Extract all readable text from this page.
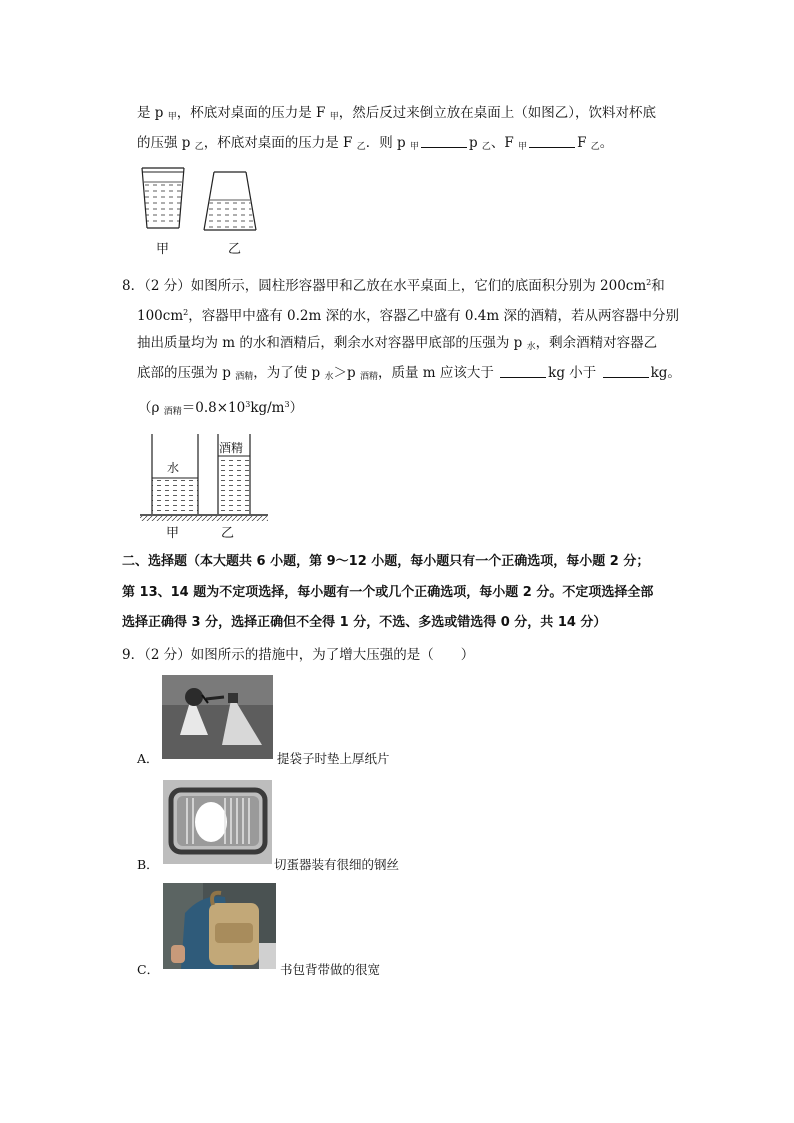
是 p $_甲$，杯底对桌面的压力是 F $_甲$，然后反过来倒立放在桌面上（如图乙），饮料对杯底
的压强 p $_乙$，杯底对桌面的压力是 F $_乙$．则 p $_甲$	p $_乙$、F $_甲$	F $_乙$。
甲	乙
8．（2 分）如图所示，圆柱形容器甲和乙放在水平桌面上，它们的底面积分别为 $200cm^2$和
$100cm^2$，容器甲中盛有 0.2m 深的水，容器乙中盛有 0.4m 深的酒精，若从两容器中分别
抽出质量均为 m 的水和酒精后，剩余水对容器甲底部的压强为 p $_水$，剩余酒精对容器乙
底部的压强为 p $_{酒精}$，为了使 p $_水$＞p $_{酒精}$，质量 m 应该大于	kg 小于	kg。
（ρ $_{酒精}=0.8\times 10^3kg/m^3$）
水
酒精
甲	乙
二、选择题（本大题共 6 小题，第 9～12 小题，每小题只有一个正确选项，每小题 2 分；
第 13、14 题为不定项选择，每小题有一个或几个正确选项，每小题 2 分。不定项选择全部
选择正确得 3 分，选择正确但不全得 1 分，不选、多选或错选得 0 分，共 14 分）
9．（2 分）如图所示的措施中，为了增大压强的是（　　）
A．	提袋子时垫上厚纸片
B．	切蛋器装有很细的钢丝
C．	书包背带做的很宽
